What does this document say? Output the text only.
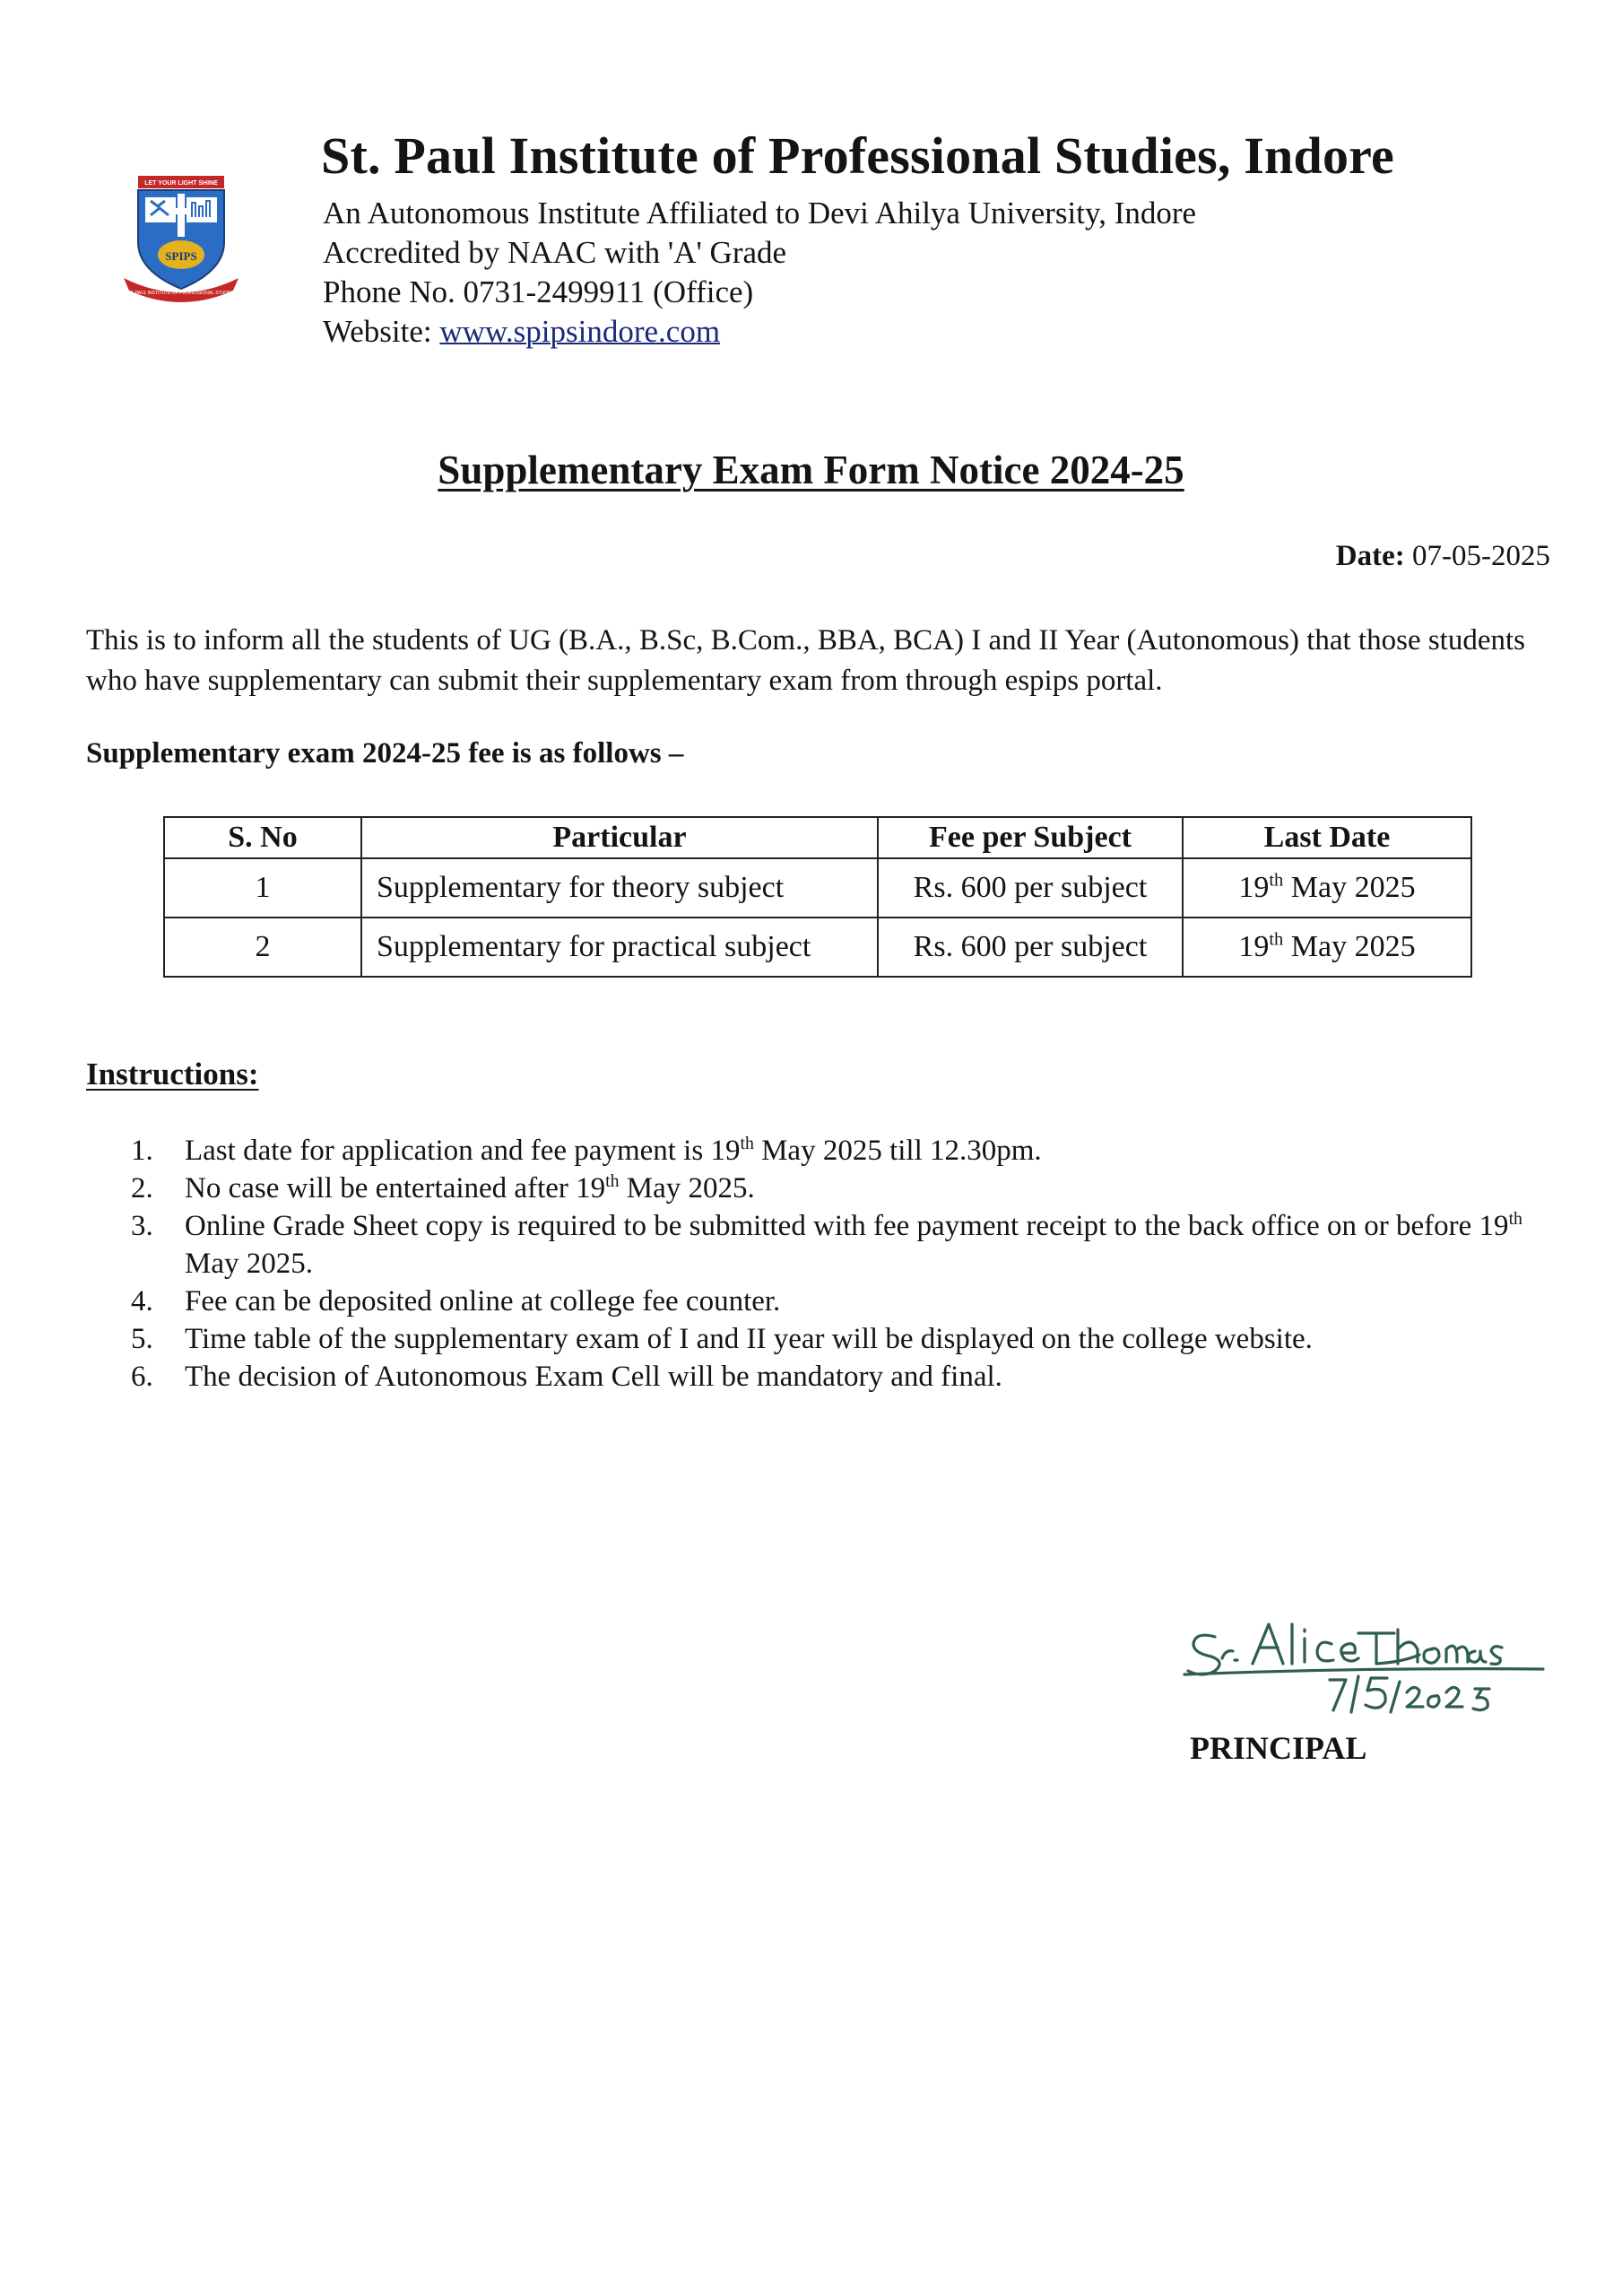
LET YOUR LIGHT SHINE
SPIPS
ST. PAUL INSTITUTE OF PROFESSIONAL STUDIES
St. Paul Institute of Professional Studies, Indore
An Autonomous Institute Affiliated to Devi Ahilya University, Indore
Accredited by NAAC with 'A' Grade
Phone No. 0731-2499911 (Office)
Website: www.spipsindore.com
Supplementary Exam Form Notice 2024-25
Date: 07-05-2025
This is to inform all the students of UG (B.A., B.Sc, B.Com., BBA, BCA) I and II Year (Autonomous) that those students who have supplementary can submit their supplementary exam from through espips portal.
Supplementary exam 2024-25 fee is as follows –
S. No	Particular	Fee per Subject	Last Date
1	Supplementary for theory subject	Rs. 600 per subject	19th May 2025
2	Supplementary for practical subject	Rs. 600 per subject	19th May 2025
Instructions:
1. Last date for application and fee payment is 19th May 2025 till 12.30pm.
2. No case will be entertained after 19th May 2025.
3. Online Grade Sheet copy is required to be submitted with fee payment receipt to the back office on or before 19th May 2025.
4. Fee can be deposited online at college fee counter.
5. Time table of the supplementary exam of I and II year will be displayed on the college website.
6. The decision of Autonomous Exam Cell will be mandatory and final.
PRINCIPAL
